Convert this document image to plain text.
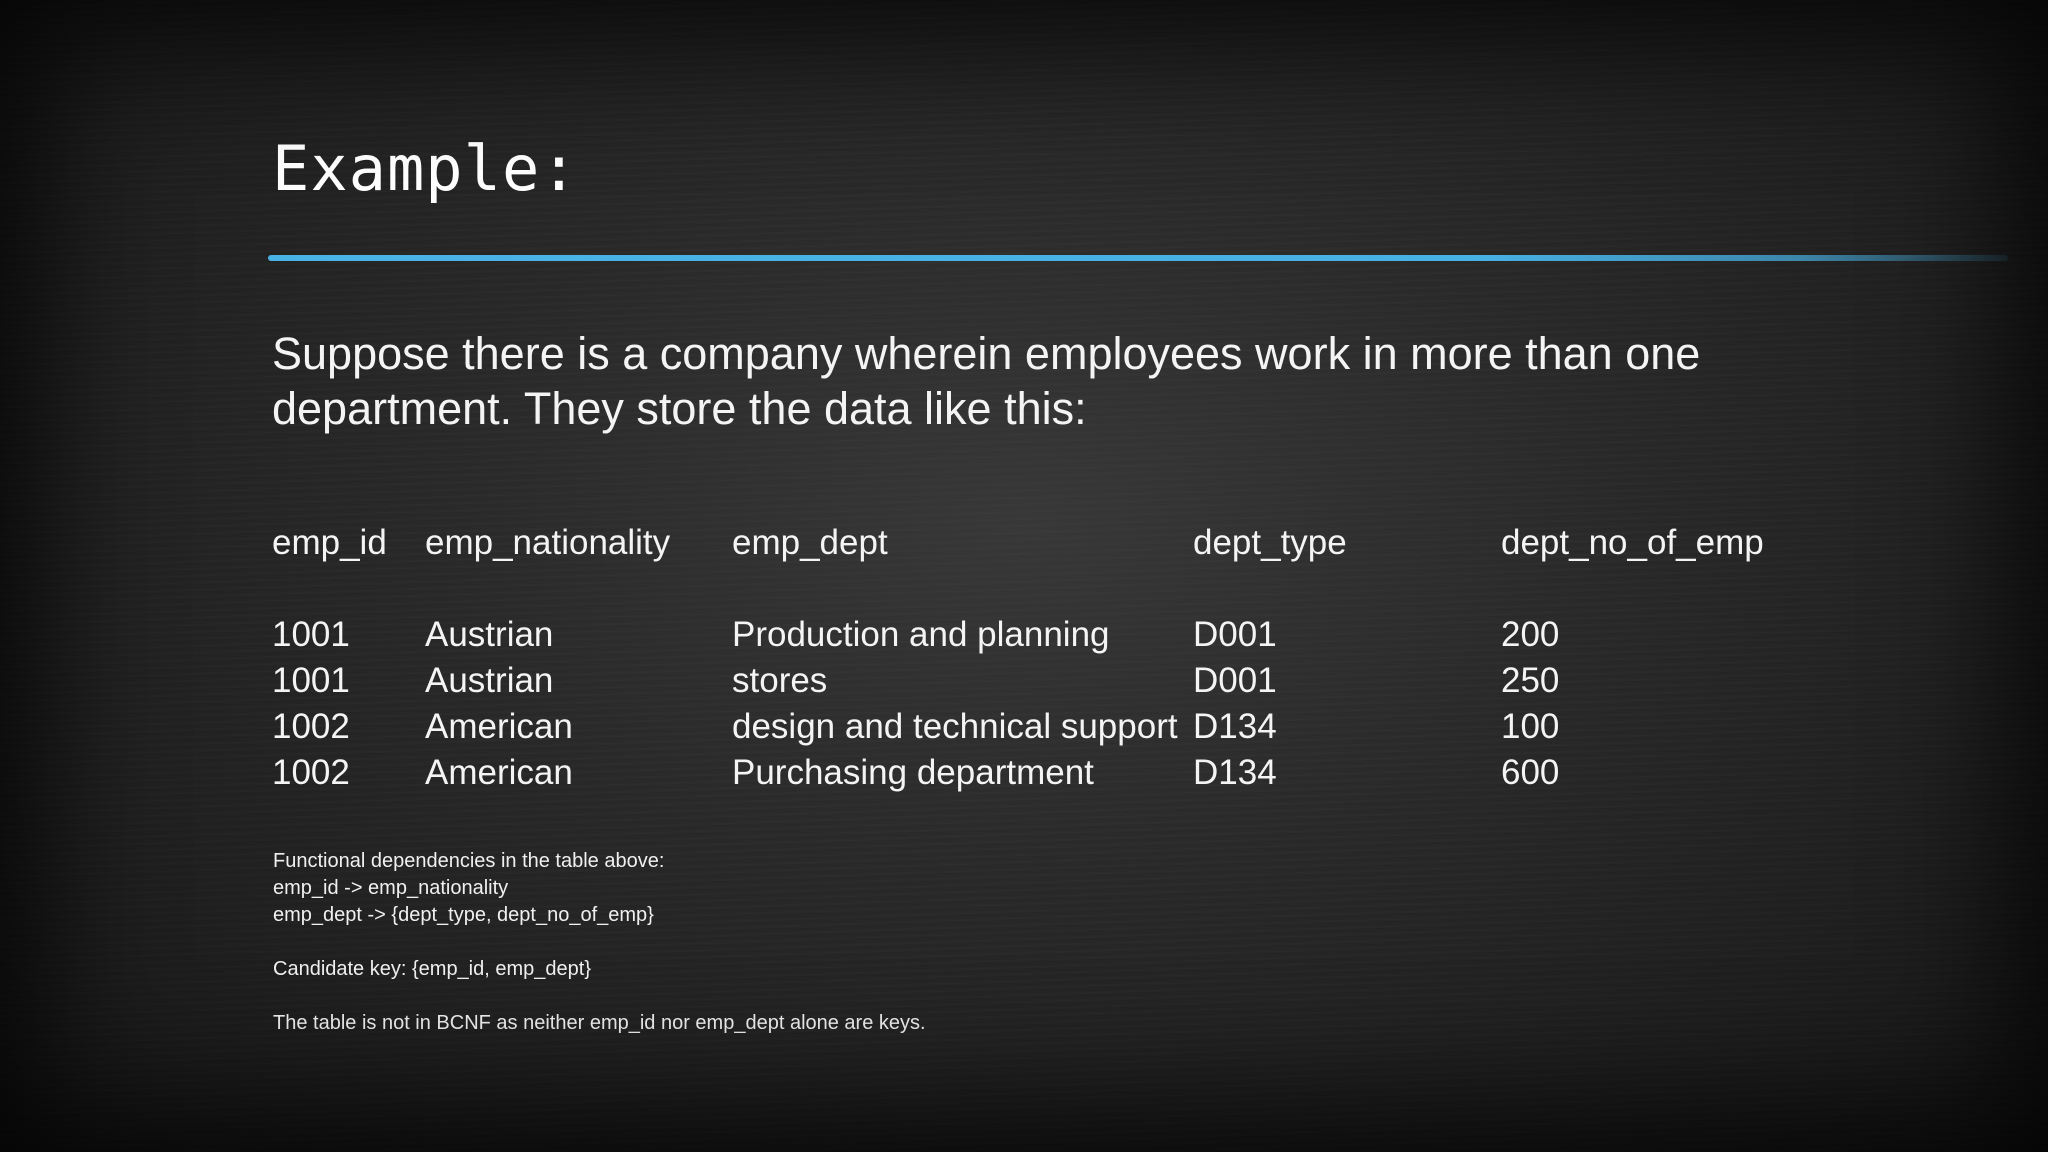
Example:
Suppose there is a company wherein employees work in more than one department. They store the data like this:
emp_id emp_nationality emp_dept	dept_type	dept_no_of_emp
1001 Austrian	Production and planning D001	200
1001 Austrian	stores	D001	250
1002 American	design and technical support D134	100
1002 American	Purchasing department	D134	600
Functional dependencies in the table above:
emp_id -> emp_nationality
emp_dept -> {dept_type, dept_no_of_emp}
Candidate key: {emp_id, emp_dept}
The table is not in BCNF as neither emp_id nor emp_dept alone are keys.
